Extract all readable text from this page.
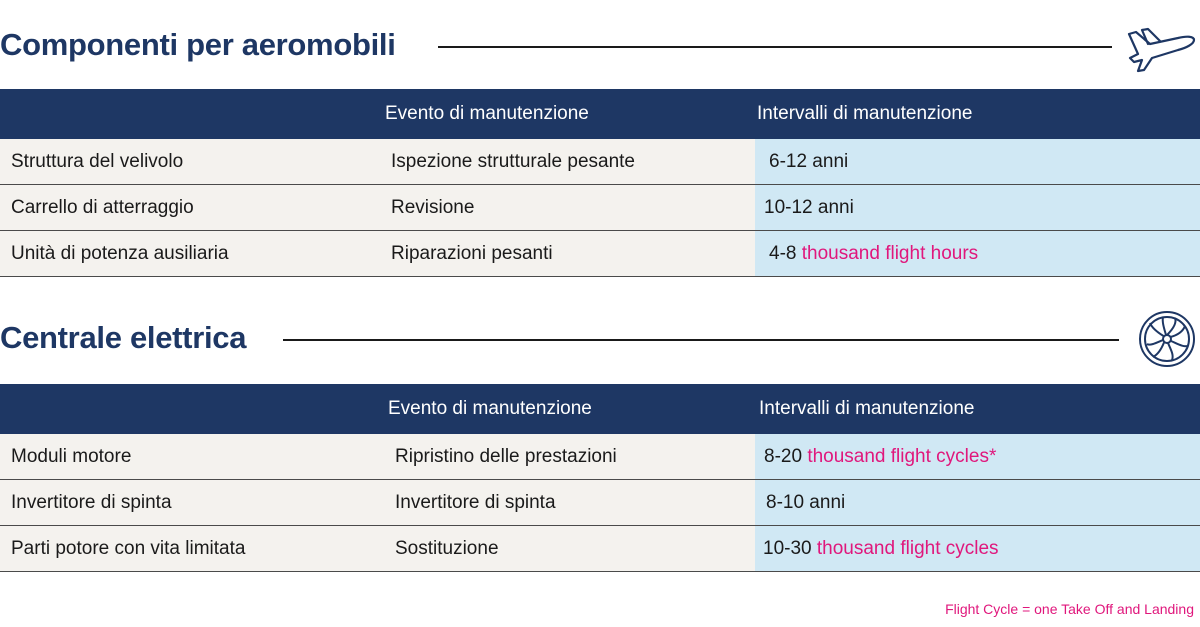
Componenti per aeromobili
	Evento di manutenzione	Intervalli di manutenzione
Struttura del velivolo	Ispezione strutturale pesante	6-12 anni
Carrello di atterraggio	Revisione	10-12 anni
Unità di potenza ausiliaria	Riparazioni pesanti	4-8 thousand flight hours
Centrale elettrica
	Evento di manutenzione	Intervalli di manutenzione
Moduli motore	Ripristino delle prestazioni	8-20 thousand flight cycles*
Invertitore di spinta	Invertitore di spinta	8-10 anni
Parti potore con vita limitata	Sostituzione	10-30 thousand flight cycles
Flight Cycle = one Take Off and Landing
